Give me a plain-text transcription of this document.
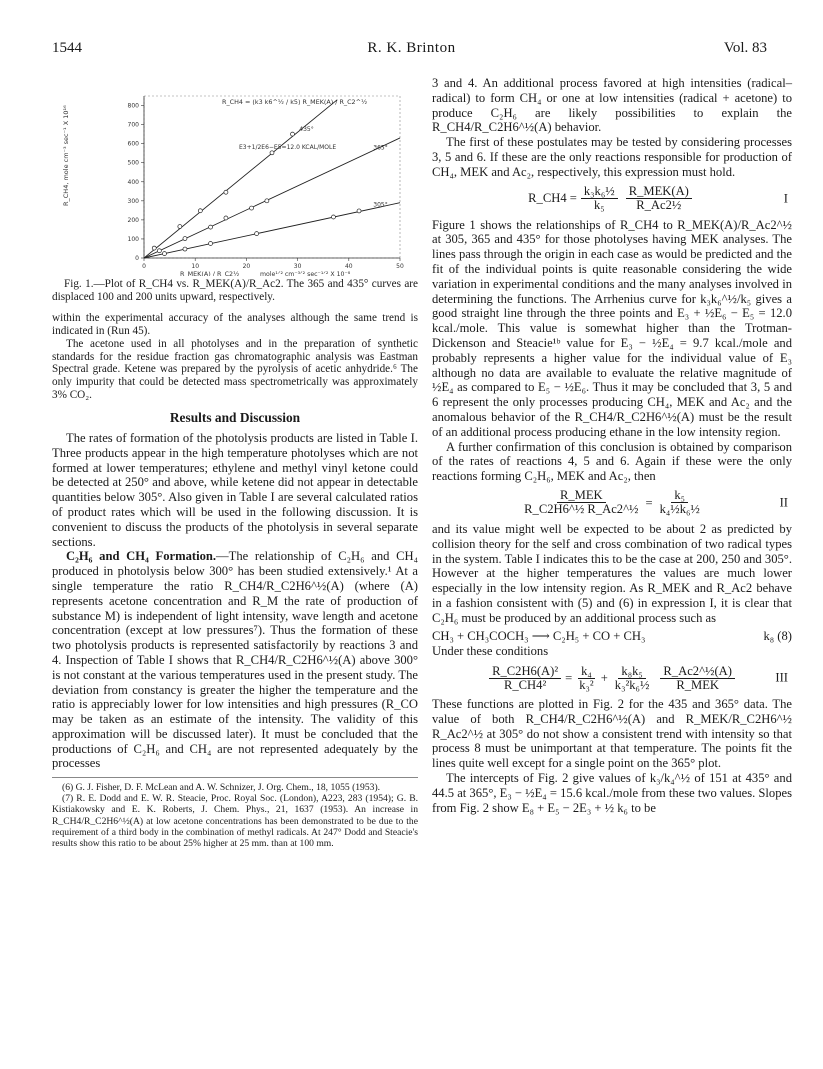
1544	R. K. Brinton	Vol. 83
R_CH4, mole cm⁻³ sec⁻¹ X 10¹⁶
R_CH4 = (k3 k6^½ / k5) R_MEK(A) / R_C2^½
E3+1/2E6−E5=12.0 KCAL/MOLE
R_MEK(A) / R_C2½	mole¹ᐟ² cm⁻³ᐟ² sec⁻¹ᐟ² X 10⁻⁸
0
100
200
300
400
500
600
700
800
0	10	20	30	40	50
435°
365°
305°

Fig. 1.—Plot of R_CH4 vs. R_MEK(A)/R_Ac2. The 365 and 435° curves are displaced 100 and 200 units upward, respectively.

within the experimental accuracy of the analyses although the same trend is indicated in (Run 45).

The acetone used in all photolyses and in the preparation of synthetic standards for the residue fraction gas chromatographic analysis was Eastman Spectral grade. Ketene was prepared by the pyrolysis of acetic anhydride.⁶ The only impurity that could be detected mass spectrometrically was approximately 3% CO₂.

Results and Discussion

The rates of formation of the photolysis products are listed in Table I. Three products appear in the high temperature photolyses which are not formed at lower temperatures; ethylene and methyl vinyl ketone could be detected at 250° and above, while ketene did not appear in detectable quantities below 305°. Also given in Table I are several calculated ratios of product rates which will be used in the following discussion. It is convenient to discuss the products of the photolysis in several separate sections.

C₂H₆ and CH₄ Formation.—The relationship of C₂H₆ and CH₄ produced in photolysis below 300° has been studied extensively.¹ At a single temperature the ratio R_CH4/R_C2H6^½(A) (where (A) represents acetone concentration and R_M the rate of production of substance M) is independent of light intensity, wave length and acetone concentration (except at low pressures⁷). Thus the formation of these two photolysis products is represented satisfactorily by reactions 3 and 4. Inspection of Table I shows that R_CH4/R_C2H6^½(A) above 300° is not constant at the various temperatures used in the present study. The deviation from constancy is greater the higher the temperature and the ratio is appreciably lower for low intensities and high pressures (R_CO may be taken as an estimate of the intensity. The validity of this approximation will be discussed later). It must be concluded that the productions of C₂H₆ and CH₄ are not represented adequately by the processes

(6) G. J. Fisher, D. F. McLean and A. W. Schnizer, J. Org. Chem., 18, 1055 (1953).

(7) R. E. Dodd and E. W. R. Steacie, Proc. Royal Soc. (London), A223, 283 (1954); G. B. Kistiakowsky and E. K. Roberts, J. Chem. Phys., 21, 1637 (1953). An increase in R_CH4/R_C2H6^½(A) at low acetone concentrations has been demonstrated to be due to the requirement of a third body in the combination of methyl radicals. At 247° Dodd and Steacie's results show this ratio to be about 25% higher at 25 mm. than at 100 mm.

3 and 4. An additional process favored at high intensities (radical–radical) to form CH₄ or one at low intensities (radical + acetone) to produce C₂H₆ are likely possibilities to explain the R_CH4/R_C2H6^½(A) behavior.

The first of these postulates may be tested by considering processes 3, 5 and 6. If these are the only reactions responsible for production of CH₄, MEK and Ac₂, respectively, this expression must hold.

R_CH4 = $\frac{\text{k₃k₆½}}{\text{k₅}} \frac{\text{R\_MEK(A)}}{\text{R\_Ac2½}}$	I

Figure 1 shows the relationships of R_CH4 to R_MEK(A)/R_Ac2^½ at 305, 365 and 435° for those photolyses having MEK analyses. The lines pass through the origin in each case as would be predicted and the fit of the individual points is quite reasonable considering the wide variation in experimental conditions and the many analyses involved in determining the functions. The Arrhenius curve for k₃k₆^½/k₅ gives a good straight line through the three points and E₃ + ½E₆ − E₅ = 12.0 kcal./mole. This value is somewhat higher than the Trotman-Dickenson and Steacie¹ᵇ value for E₃ − ½E₄ = 9.7 kcal./mole and probably represents a higher value for the individual value of E₃ although no data are available to evaluate the relative magnitude of ½E₄ as compared to E₅ − ½E₆. Thus it may be concluded that 3, 5 and 6 represent the only processes producing CH₄, MEK and Ac₂ and the anomalous behavior of the R_CH4/R_C2H6^½(A) must be the result of an additional process producing ethane in the low intensity region.

A further confirmation of this conclusion is obtained by comparison of the rates of reactions 4, 5 and 6. Again if these were the only reactions forming C₂H₆, MEK and Ac₂, then

$\frac{\text{R\_MEK}}{\text{R\_C2H6\textasciicircum{}½ R\_Ac2\textasciicircum{}½}} = \frac{\text{k₅}}{\text{k₄½k₆½}}$	II

and its value might well be expected to be about 2 as predicted by collision theory for the self and cross combination of two radical types in the system. Table I indicates this to be the case at 200, 250 and 305°. However at the higher temperatures the values are much lower especially in the low intensity region. As R_MEK and R_Ac2 behave in a fashion consistent with (5) and (6) in expression I, it is clear that C₂H₆ must be produced by an additional process such as

CH₃ + CH₃COCH₃ ⟶ C₂H₅ + CO + CH₃	k₈ (8)

Under these conditions

$\frac{\text{R\_C2H6(A)²}}{\text{R\_CH4²}} = \frac{\text{k₄}}{\text{k₃²}} + \frac{\text{k₈k₅}}{\text{k₃²k₆½}} \frac{\text{R\_Ac2\textasciicircum{}½(A)}}{\text{R\_MEK}}$	III

These functions are plotted in Fig. 2 for the 435 and 365° data. The value of both R_CH4/R_C2H6^½(A) and R_MEK/R_C2H6^½ R_Ac2^½ at 305° do not show a consistent trend with intensity so that process 8 must be unimportant at that temperature. The points fit the lines quite well except for a single point on the 365° plot.

The intercepts of Fig. 2 give values of k₃/k₄^½ of 151 at 435° and 44.5 at 365°, E₃ − ½E₄ = 15.6 kcal./mole from these two values. Slopes from Fig. 2 show E₈ + E₅ − 2E₃ + ½ k₆ to be
